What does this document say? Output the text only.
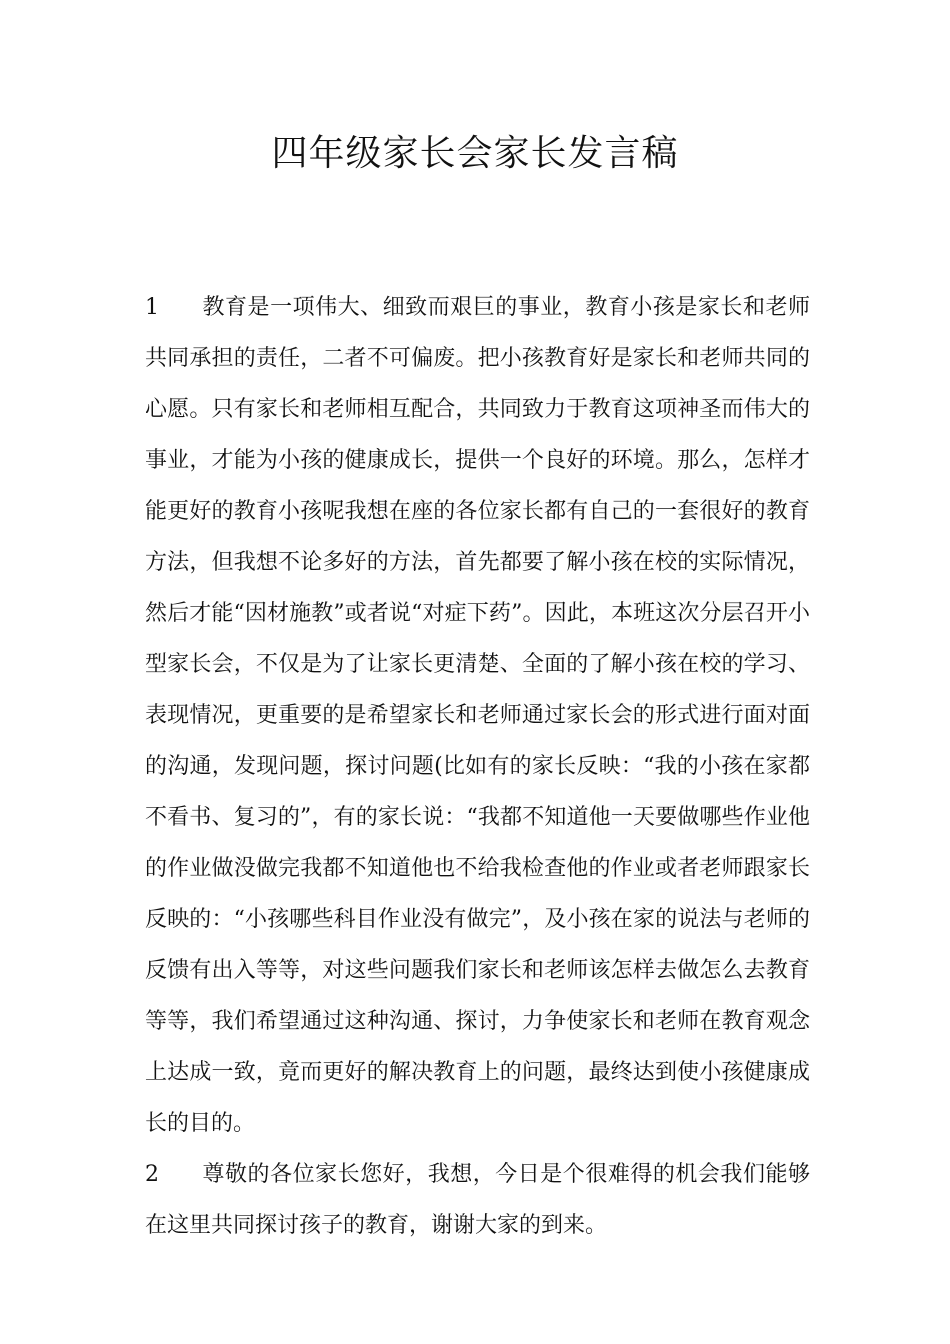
四年级家长会家长发言稿

1 教育是一项伟大、细致而艰巨的事业，教育小孩是家长和老师共同承担的责任，二者不可偏废。把小孩教育好是家长和老师共同的心愿。只有家长和老师相互配合，共同致力于教育这项神圣而伟大的事业，才能为小孩的健康成长，提供一个良好的环境。那么，怎样才能更好的教育小孩呢我想在座的各位家长都有自己的一套很好的教育方法，但我想不论多好的方法，首先都要了解小孩在校的实际情况，然后才能“因材施教”或者说“对症下药”。因此，本班这次分层召开小型家长会，不仅是为了让家长更清楚、全面的了解小孩在校的学习、表现情况，更重要的是希望家长和老师通过家长会的形式进行面对面的沟通，发现问题，探讨问题(比如有的家长反映：“我的小孩在家都不看书、复习的”，有的家长说：“我都不知道他一天要做哪些作业他的作业做没做完我都不知道他也不给我检查他的作业或者老师跟家长反映的：“小孩哪些科目作业没有做完”，及小孩在家的说法与老师的反馈有出入等等，对这些问题我们家长和老师该怎样去做怎么去教育等等，我们希望通过这种沟通、探讨，力争使家长和老师在教育观念上达成一致，竟而更好的解决教育上的问题，最终达到使小孩健康成长的目的。

2 尊敬的各位家长您好，我想，今日是个很难得的机会我们能够在这里共同探讨孩子的教育，谢谢大家的到来。
